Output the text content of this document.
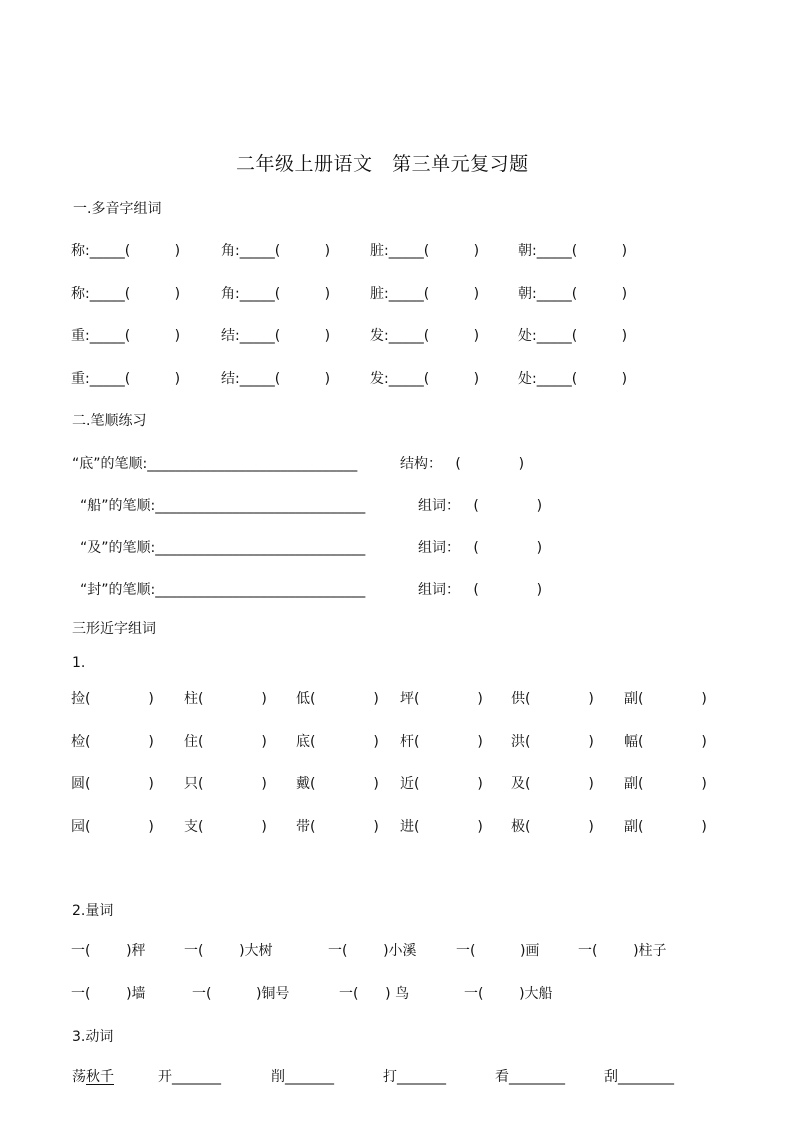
二年级上册语文   第三单元复习题
一.多音字组词
称:_____(          )	角:_____(          )	脏:_____(          )	朝:_____(          )
称:_____(          )	角:_____(          )	脏:_____(          )	朝:_____(          )
重:_____(          )	结:_____(          )	发:_____(          )	处:_____(          )
重:_____(          )	结:_____(          )	发:_____(          )	处:_____(          )
二.笔顺练习
“底”的笔顺:______________________________	结构：   (             )
“船”的笔顺:______________________________	组词：   (             )
“及”的笔顺:______________________________	组词：   (             )
“封”的笔顺:______________________________	组词：   (             )
三形近字组词
1.
捡(             ) 柱(             ) 低(             ) 坪(             ) 供(             ) 副(             )
检(             ) 住(             ) 底(             ) 杆(             ) 洪(             ) 幅(             )
圆(             ) 只(             ) 戴(             ) 近(             ) 及(             ) 副(             )
园(             ) 支(             ) 带(             ) 进(             ) 极(             ) 副(             )
2.量词
一(        )秤	一(        )大树	一(        )小溪	一(          )画	一(        )柱子
一(        )墙	一(          )铜号	一(      ) 鸟	一(        )大船
3.动词
荡秋千	开_______	削_______	打_______	看________	刮________
